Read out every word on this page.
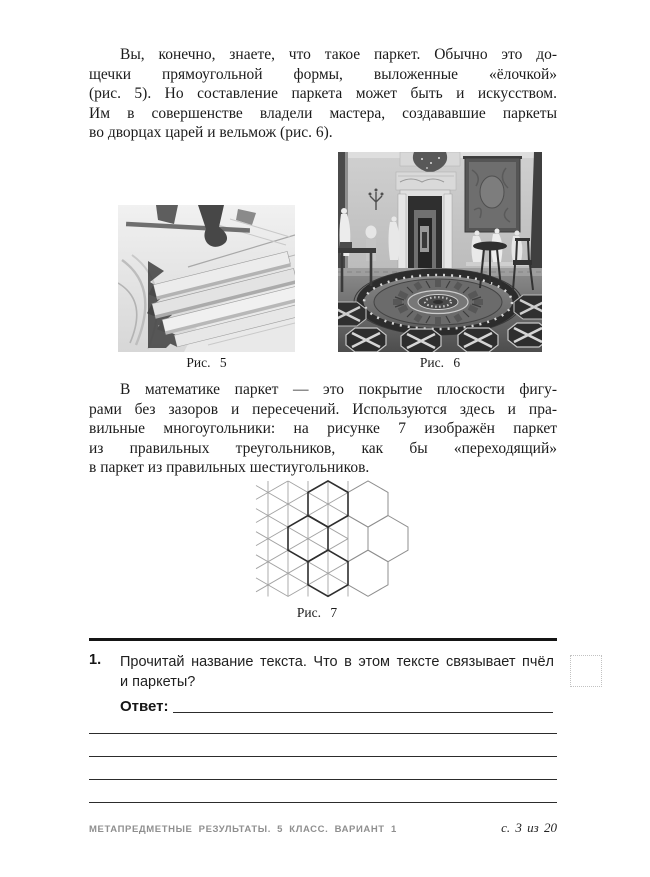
Вы, конечно, знаете, что такое паркет. Обычно это до-
щечки прямоугольной формы, выложенные «ёлочкой»
(рис. 5). Но составление паркета может быть и искусством.
Им в совершенстве владели мастера, создававшие паркеты
во дворцах царей и вельмож (рис. 6).
Рис. 5	Рис. 6
В математике паркет — это покрытие плоскости фигу-
рами без зазоров и пересечений. Используются здесь и пра-
вильные многоугольники: на рисунке 7 изображён паркет
из правильных треугольников, как бы «переходящий»
в паркет из правильных шестиугольников.
Рис. 7
1.	Прочитай название текста. Что в этом тексте связывает пчёл
и паркеты?
Ответ:
МЕТАПРЕДМЕТНЫЕ РЕЗУЛЬТАТЫ. 5 КЛАСС. ВАРИАНТ 1	с. 3 из 20
